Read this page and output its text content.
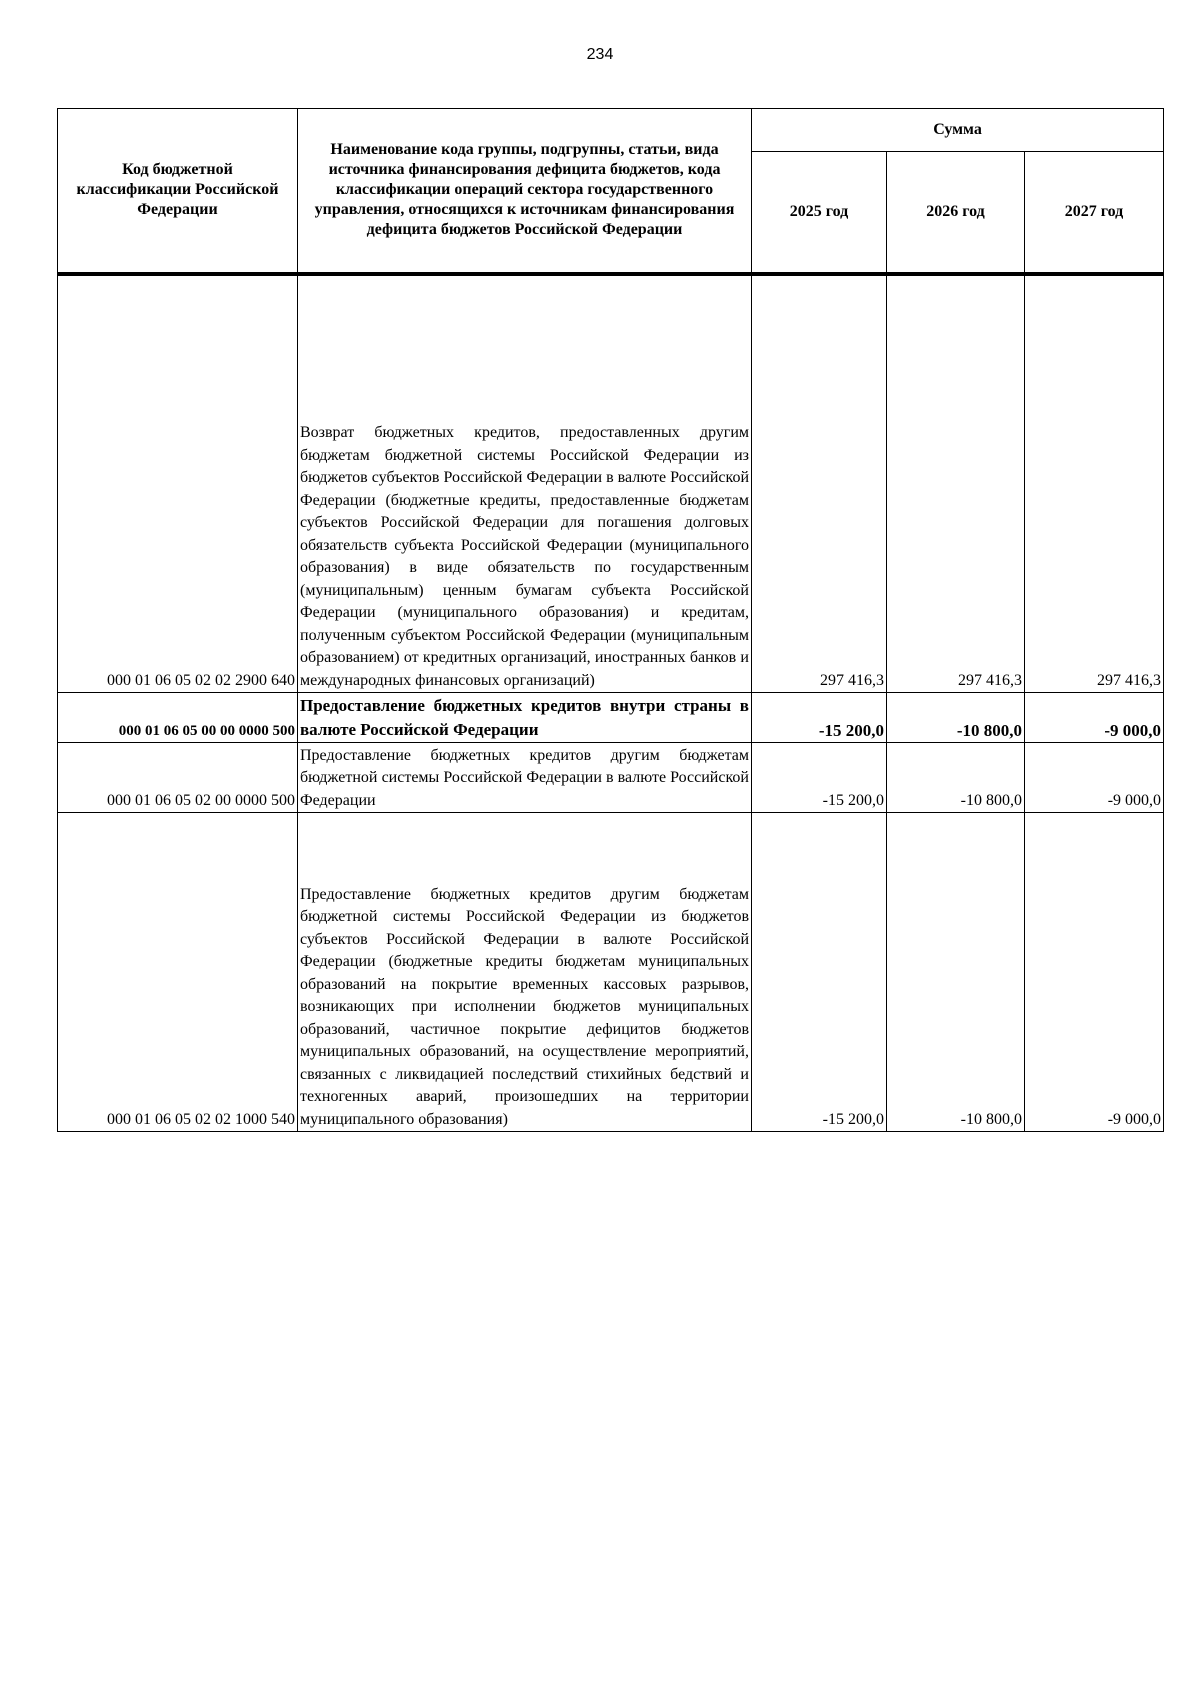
234
Код бюджетной классификации Российской Федерации	Наименование кода группы, подгрупны, статьи, вида источника финансирования дефицита бюджетов, кода классификации операций сектора государственного управления, относящихся к источникам финансирования дефицита бюджетов Российской Федерации	Сумма		
		2025 год	2026 год	2027 год
000 01 06 05 02 02 2900 640	Возврат бюджетных кредитов, предоставленных другим бюджетам бюджетной системы Российской Федерации из бюджетов субъектов Российской Федерации в валюте Российской Федерации (бюджетные кредиты, предоставленные бюджетам субъектов Российской Федерации для погашения долговых обязательств субъекта Российской Федерации (муниципального образования) в виде обязательств по государственным (муниципальным) ценным бумагам субъекта Российской Федерации (муниципального образования) и кредитам, полученным субъектом Российской Федерации (муниципальным образованием) от кредитных организаций, иностранных банков и международных финансовых организаций)	297 416,3	297 416,3	297 416,3
000 01 06 05 00 00 0000 500	Предоставление бюджетных кредитов внутри страны в валюте Российской Федерации	-15 200,0	-10 800,0	-9 000,0
000 01 06 05 02 00 0000 500	Предоставление бюджетных кредитов другим бюджетам бюджетной системы Российской Федерации в валюте Российской Федерации	-15 200,0	-10 800,0	-9 000,0
000 01 06 05 02 02 1000 540	Предоставление бюджетных кредитов другим бюджетам бюджетной системы Российской Федерации из бюджетов субъектов Российской Федерации в валюте Российской Федерации (бюджетные кредиты бюджетам муниципальных образований на покрытие временных кассовых разрывов, возникающих при исполнении бюджетов муниципальных образований, частичное покрытие дефицитов бюджетов муниципальных образований, на осуществление мероприятий, связанных с ликвидацией последствий стихийных бедствий и техногенных аварий, произошедших на территории муниципального образования)	-15 200,0	-10 800,0	-9 000,0
